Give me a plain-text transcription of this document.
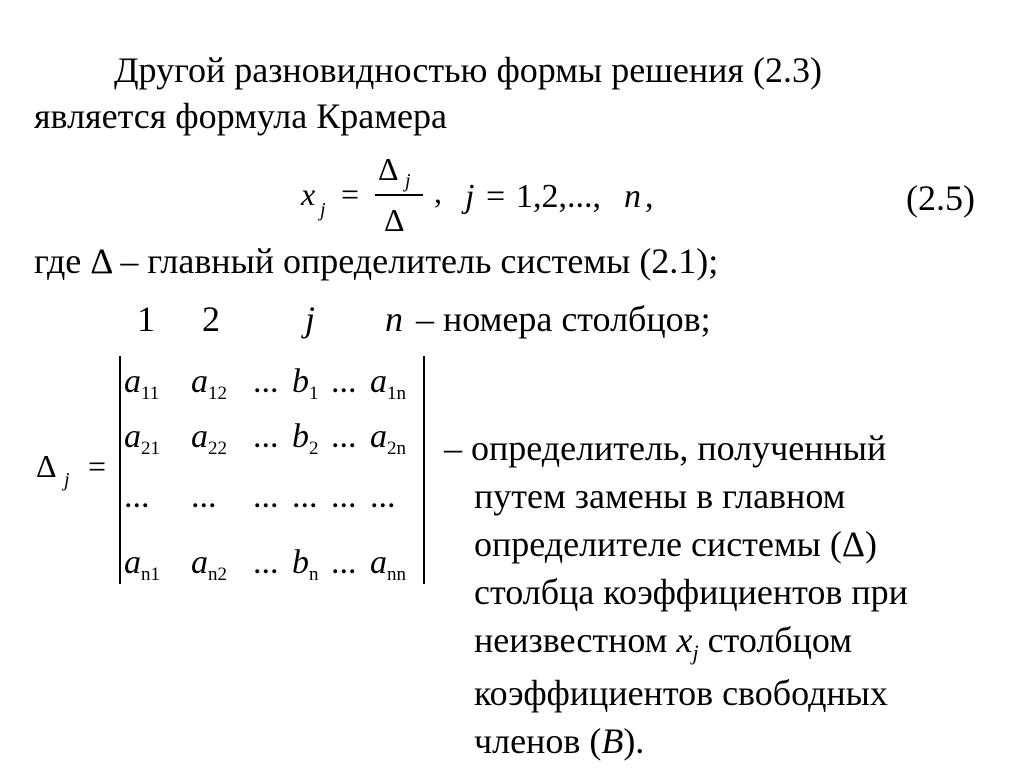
Другой разновидностью формы решения (2.3)
является формула Крамера
x j =
Δ j
Δ
, j = 1,2,..., n ,	(2.5)
где Δ – главный определитель системы (2.1);
1 2 j n – номера столбцов;
Δ j =
$a_{11}$ $a_{12}$ ... $b_1$ ... $a_{1n}$
$a_{21}$ $a_{22}$ ... $b_2$ ... $a_{2n}$
... ... ... ... ... ...
$a_{n1}$ $a_{n2}$ ... $b_n$ ... $a_{nn}$
– определитель, полученный
путем замены в главном
определителе системы (Δ)
столбца коэффициентов при
неизвестном $x_j$ столбцом
коэффициентов свободных
членов (B).
